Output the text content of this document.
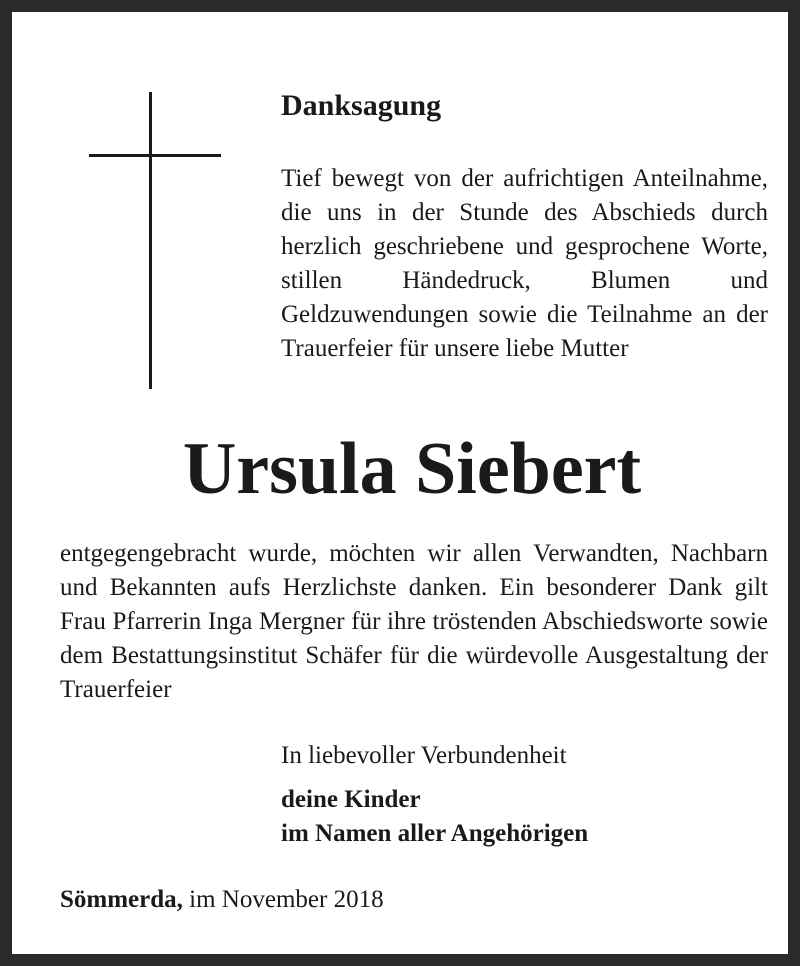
Danksagung
Tief bewegt von der aufrichtigen Anteilnahme, die uns in der Stunde des Abschieds durch herzlich geschriebene und gesprochene Worte, stillen Händedruck, Blumen und Geldzuwendungen sowie die Teilnahme an der Trauerfeier für unsere liebe Mutter
Ursula Siebert
entgegengebracht wurde, möchten wir allen Verwandten, Nachbarn und Bekannten aufs Herzlichste danken. Ein besonderer Dank gilt Frau Pfarrerin Inga Mergner für ihre tröstenden Abschiedsworte sowie dem Bestattungsinstitut Schäfer für die würdevolle Ausgestaltung der Trauerfeier
In liebevoller Verbundenheit
deine Kinder
im Namen aller Angehörigen
Sömmerda, im November 2018
